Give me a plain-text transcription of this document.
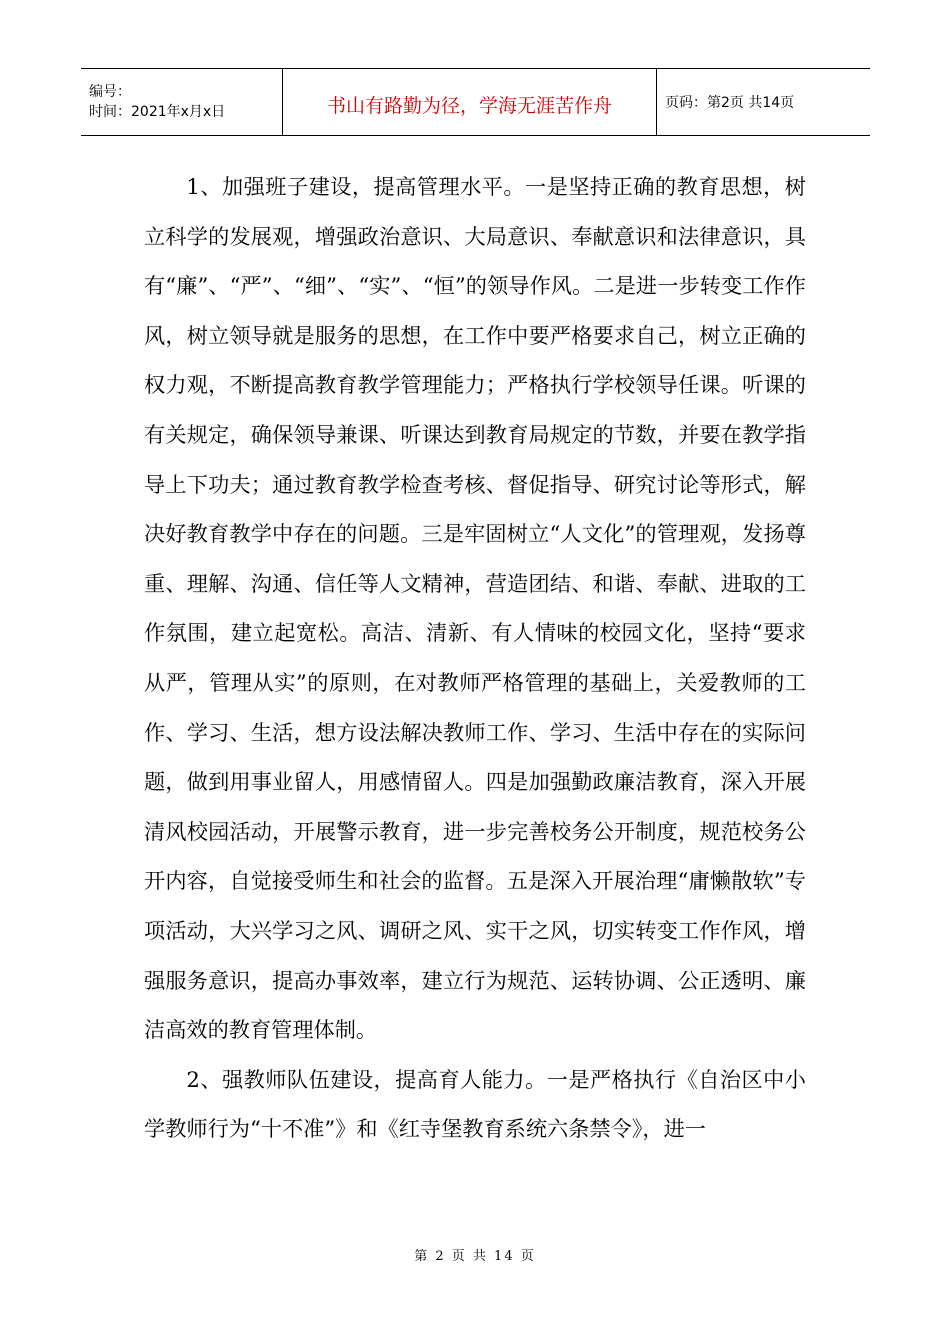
编号：
时间：2021年x月x日	书山有路勤为径，学海无涯苦作舟	页码：第2页 共14页

1、加强班子建设，提高管理水平。一是坚持正确的教育思想，树立科学的发展观，增强政治意识、大局意识、奉献意识和法律意识，具有“廉”、“严”、“细”、“实”、“恒”的领导作风。二是进一步转变工作作风，树立领导就是服务的思想，在工作中要严格要求自己，树立正确的权力观，不断提高教育教学管理能力；严格执行学校领导任课。听课的有关规定，确保领导兼课、听课达到教育局规定的节数，并要在教学指导上下功夫；通过教育教学检查考核、督促指导、研究讨论等形式，解决好教育教学中存在的问题。三是牢固树立“人文化”的管理观，发扬尊重、理解、沟通、信任等人文精神，营造团结、和谐、奉献、进取的工作氛围，建立起宽松。高洁、清新、有人情味的校园文化，坚持“要求从严，管理从实”的原则，在对教师严格管理的基础上，关爱教师的工作、学习、生活，想方设法解决教师工作、学习、生活中存在的实际问题，做到用事业留人，用感情留人。四是加强勤政廉洁教育，深入开展清风校园活动，开展警示教育，进一步完善校务公开制度，规范校务公开内容，自觉接受师生和社会的监督。五是深入开展治理“庸懒散软”专项活动，大兴学习之风、调研之风、实干之风，切实转变工作作风，增强服务意识，提高办事效率，建立行为规范、运转协调、公正透明、廉洁高效的教育管理体制。

2、强教师队伍建设，提高育人能力。一是严格执行《自治区中小学教师行为“十不准”》和《红寺堡教育系统六条禁令》，进一

第 2 页 共 14 页
